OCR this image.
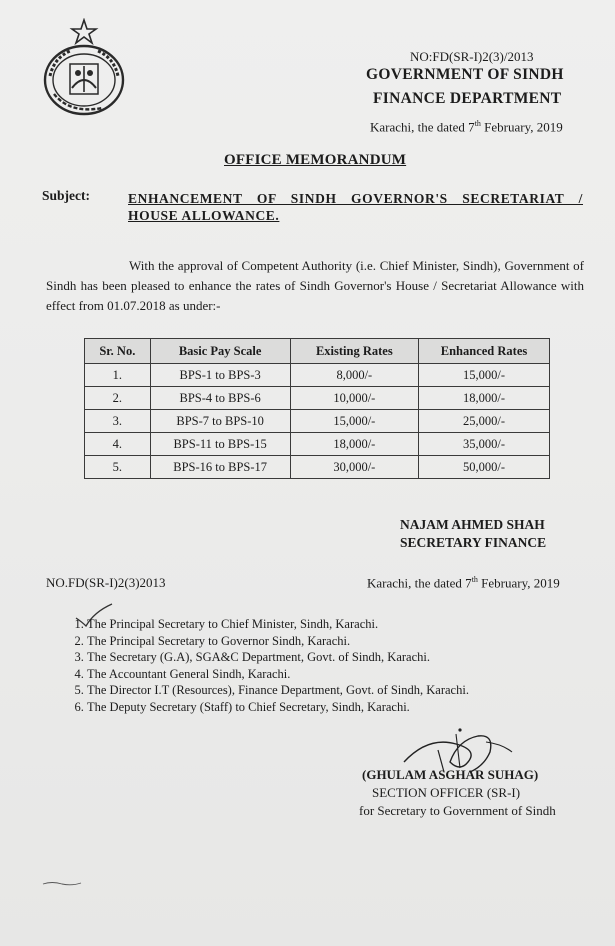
NO:FD(SR-I)2(3)/2013
GOVERNMENT OF SINDH
FINANCE DEPARTMENT
Karachi, the dated 7th February, 2019
OFFICE MEMORANDUM
Subject:	ENHANCEMENT OF SINDH GOVERNOR'S SECRETARIAT / HOUSE ALLOWANCE.
With the approval of Competent Authority (i.e. Chief Minister, Sindh), Government of Sindh has been pleased to enhance the rates of Sindh Governor's House / Secretariat Allowance with effect from 01.07.2018 as under:-
Sr. No.	Basic Pay Scale	Existing Rates	Enhanced Rates
1.	BPS-1 to BPS-3	8,000/-	15,000/-
2.	BPS-4 to BPS-6	10,000/-	18,000/-
3.	BPS-7 to BPS-10	15,000/-	25,000/-
4.	BPS-11 to BPS-15	18,000/-	35,000/-
5.	BPS-16 to BPS-17	30,000/-	50,000/-
NAJAM AHMED SHAH
SECRETARY FINANCE
NO.FD(SR-I)2(3)2013	Karachi, the dated 7th February, 2019
1. The Principal Secretary to Chief Minister, Sindh, Karachi.
2. The Principal Secretary to Governor Sindh, Karachi.
3. The Secretary (G.A), SGA&C Department, Govt. of Sindh, Karachi.
4. The Accountant General Sindh, Karachi.
5. The Director I.T (Resources), Finance Department, Govt. of Sindh, Karachi.
6. The Deputy Secretary (Staff) to Chief Secretary, Sindh, Karachi.
(GHULAM ASGHAR SUHAG)
SECTION OFFICER (SR-I)
for Secretary to Government of Sindh
